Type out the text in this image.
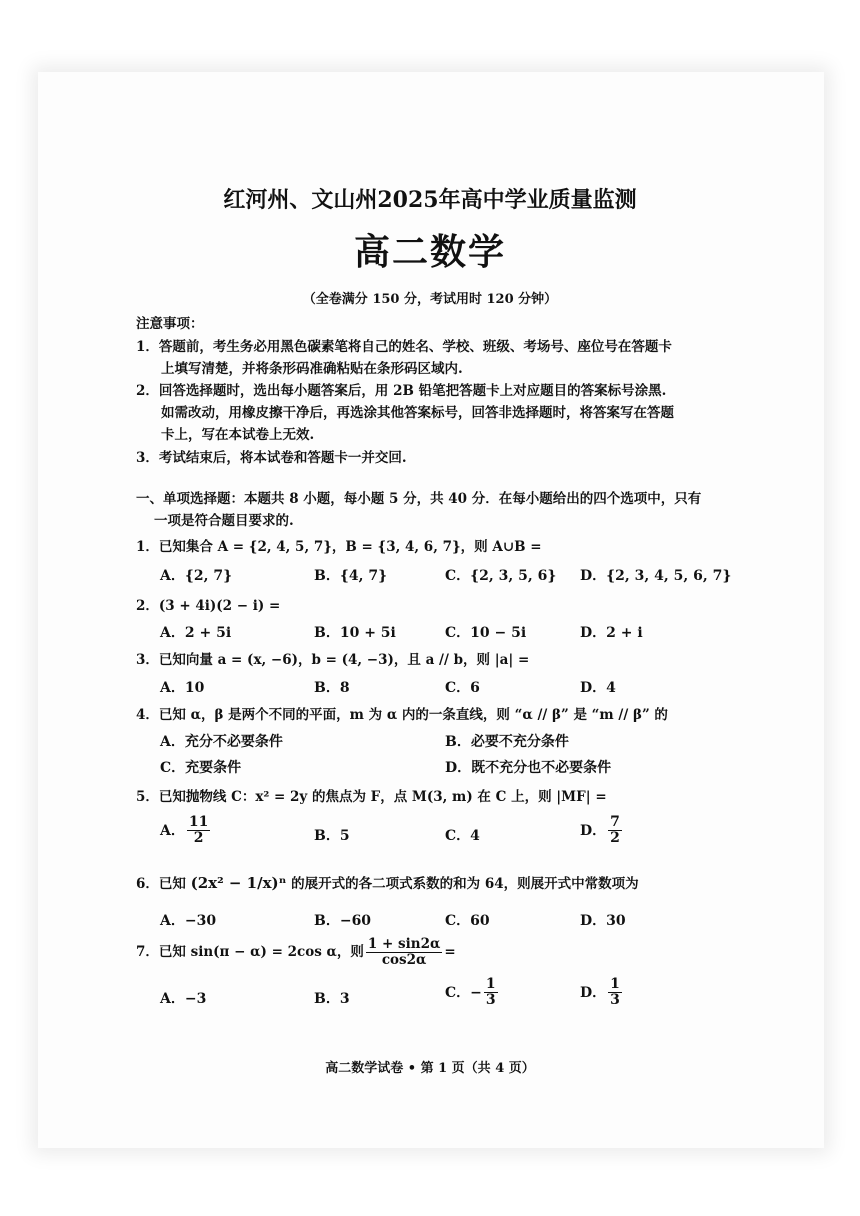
红河州、文山州2025年高中学业质量监测
高二数学
（全卷满分 150 分，考试用时 120 分钟）
注意事项：
1．答题前，考生务必用黑色碳素笔将自己的姓名、学校、班级、考场号、座位号在答题卡
上填写清楚，并将条形码准确粘贴在条形码区域内.
2．回答选择题时，选出每小题答案后，用 2B 铅笔把答题卡上对应题目的答案标号涂黑.
如需改动，用橡皮擦干净后，再选涂其他答案标号，回答非选择题时，将答案写在答题
卡上，写在本试卷上无效.
3．考试结束后，将本试卷和答题卡一并交回.
一、单项选择题：本题共 8 小题，每小题 5 分，共 40 分．在每小题给出的四个选项中，只有
一项是符合题目要求的.
1．已知集合 A = {2, 4, 5, 7}，B = {3, 4, 6, 7}，则 A∪B =
A．{2, 7}	B．{4, 7}	C．{2, 3, 5, 6} D．{2, 3, 4, 5, 6, 7}
2．(3 + 4i)(2 − i) =
A．2 + 5i	B．10 + 5i	C．10 − 5i	D．2 + i
3．已知向量 a = (x, −6)，b = (4, −3)，且 a // b，则 |a| =
A．10	B．8	C．6	D．4
4．已知 α，β 是两个不同的平面，m 为 α 内的一条直线，则 “α // β” 是 “m // β” 的
A．充分不必要条件	B．必要不充分条件
C．充要条件	D．既不充分也不必要条件
5．已知抛物线 C：x² = 2y 的焦点为 F，点 M(3, m) 在 C 上，则 |MF| =
A． $\frac{11}{2}$	B．5	C．4	D． $\frac{7}{2}$
6．已知 (2x² − 1/x)ⁿ 的展开式的各二项式系数的和为 64，则展开式中常数项为
A．−30	B．−60	C．60	D．30
7．已知 sin(π − α) = 2cos α，则 $\frac{1 + \sin 2\alpha}{\cos 2\alpha}$ =
A．−3	B．3	C．− $\frac{1}{3}$	D． $\frac{1}{3}$
高二数学试卷 • 第 1 页（共 4 页）
